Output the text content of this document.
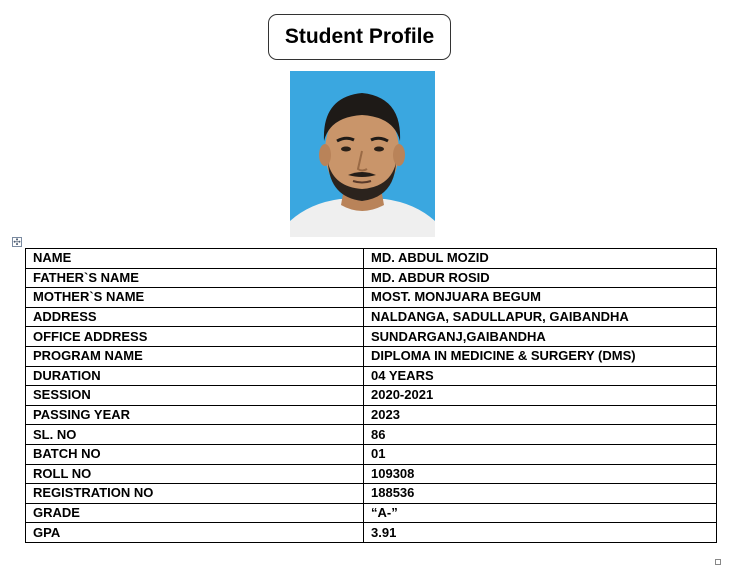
Student Profile
✣
NAME	MD. ABDUL MOZID
FATHER`S NAME	MD. ABDUR ROSID
MOTHER`S NAME	MOST. MONJUARA BEGUM
ADDRESS	NALDANGA, SADULLAPUR, GAIBANDHA
OFFICE ADDRESS	SUNDARGANJ,GAIBANDHA
PROGRAM NAME	DIPLOMA IN MEDICINE & SURGERY (DMS)
DURATION	04 YEARS
SESSION	2020-2021
PASSING YEAR	2023
SL. NO	86
BATCH NO	01
ROLL NO	109308
REGISTRATION NO	188536
GRADE	“A-”
GPA	3.91
